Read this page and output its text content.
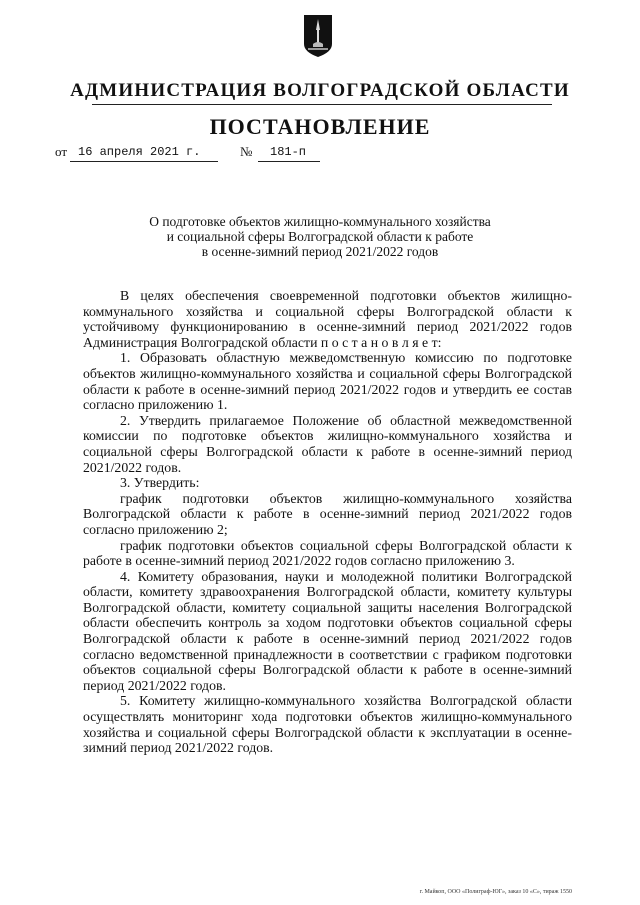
АДМИНИСТРАЦИЯ ВОЛГОГРАДСКОЙ ОБЛАСТИ
ПОСТАНОВЛЕНИЕ
от 16 апреля 2021 г.	№ 181-п
О подготовке объектов жилищно-коммунального хозяйства
и социальной сферы Волгоградской области к работе
в осенне-зимний период 2021/2022 годов

В целях обеспечения своевременной подготовки объектов жилищно-коммунального хозяйства и социальной сферы Волгоградской области к устойчивому функционированию в осенне-зимний период 2021/2022 годов Администрация Волгоградской области п о с т а н о в л я е т:

1. Образовать областную межведомственную комиссию по подготовке объектов жилищно-коммунального хозяйства и социальной сферы Волгоградской области к работе в осенне-зимний период 2021/2022 годов и утвердить ее состав согласно приложению 1.

2. Утвердить прилагаемое Положение об областной межведомственной комиссии по подготовке объектов жилищно-коммунального хозяйства и социальной сферы Волгоградской области к работе в осенне-зимний период 2021/2022 годов.

3. Утвердить:

график подготовки объектов жилищно-коммунального хозяйства Волгоградской области к работе в осенне-зимний период 2021/2022 годов согласно приложению 2;

график подготовки объектов социальной сферы Волгоградской области к работе в осенне-зимний период 2021/2022 годов согласно приложению 3.

4. Комитету образования, науки и молодежной политики Волгоградской области, комитету здравоохранения Волгоградской области, комитету культуры Волгоградской области, комитету социальной защиты населения Волгоградской области обеспечить контроль за ходом подготовки объектов социальной сферы Волгоградской области к работе в осенне-зимний период 2021/2022 годов согласно ведомственной принадлежности в соответствии с графиком подготовки объектов социальной сферы Волгоградской области к работе в осенне-зимний период 2021/2022 годов.

5. Комитету жилищно-коммунального хозяйства Волгоградской области осуществлять мониторинг хода подготовки объектов жилищно-коммунального хозяйства и социальной сферы Волгоградской области к эксплуатации в осенне-зимний период 2021/2022 годов.

г. Майкоп, ООО «Полиграф-ЮГ», заказ 10 «С», тираж 1550
